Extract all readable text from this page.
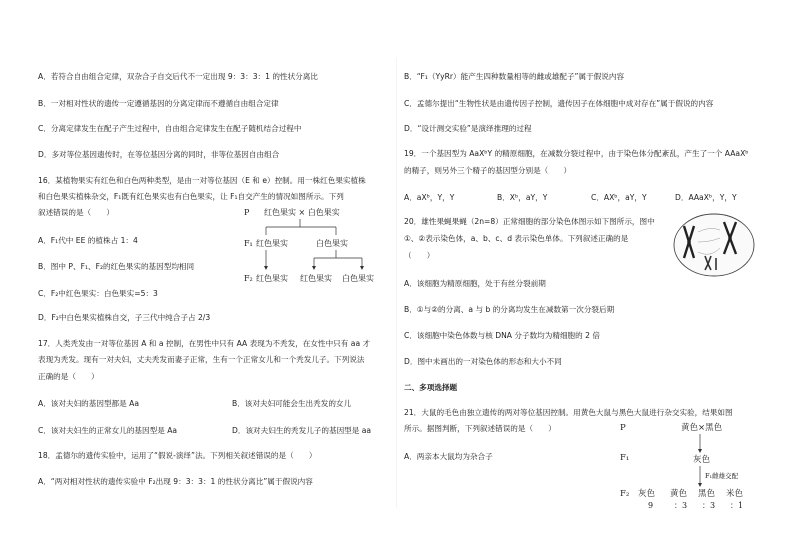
A．若符合自由组合定律，双杂合子自交后代不一定出现 9：3：3：1 的性状分离比
B．一对相对性状的遗传一定遵循基因的分离定律而不遵循自由组合定律
C．分离定律发生在配子产生过程中，自由组合定律发生在配子随机结合过程中
D．多对等位基因遗传时，在等位基因分离的同时，非等位基因自由组合
16．某植物果实有红色和白色两种类型，是由一对等位基因（E 和 e）控制。用一株红色果实植株
和白色果实植株杂交，F₁既有红色果实也有白色果实，让 F₁自交产生的情况如图所示。下列
叙述错误的是（　　）
A．F₁代中 EE 的植株占 1：4
B．图中 P、F₁、F₂的红色果实的基因型均相同
C．F₂中红色果实：白色果实=5：3
D．F₂中白色果实植株自交，子三代中纯合子占 2/3
17．人类秃发由一对等位基因 A 和 a 控制，在男性中只有 AA 表现为不秃发，在女性中只有 aa 才
表现为秃发。现有一对夫妇，丈夫秃发而妻子正常，生有一个正常女儿和一个秃发儿子。下列说法
正确的是（　　）
A．该对夫妇的基因型都是 Aa	B．该对夫妇可能会生出秃发的女儿
C．该对夫妇生的正常女儿的基因型是 Aa	D．该对夫妇生的秃发儿子的基因型是 aa
18．孟德尔的遗传实验中，运用了“假说-演绎”法。下列相关叙述错误的是（　　）
A．“两对相对性状的遗传实验中 F₂出现 9：3：3：1 的性状分离比”属于假说内容
P 红色果实 × 白色果实
F₁ 红色果实	白色果实
F₂ 红色果实 红色果实 白色果实
B．“F₁（YyRr）能产生四种数量相等的雌或雄配子”属于假说内容
C．孟德尔提出“生物性状是由遗传因子控制，遗传因子在体细胞中成对存在”属于假说的内容
D．“设计测交实验”是演绎推理的过程
19．一个基因型为 AaXᵇY 的精原细胞，在减数分裂过程中，由于染色体分配紊乱，产生了一个 AAaXᵇ
的精子，则另外三个精子的基因型分别是（　　）
A．aXᵇ，Y，Y	B．Xᵇ，aY，Y	C．AXᵇ，aY，Y	D．AAaXᵇ，Y，Y
20．雄性果蝇果蝇（2n=8）正常细胞的部分染色体图示如下图所示，图中
①、②表示染色体，a、b、c、d 表示染色单体。下列叙述正确的是
（　　）
A．该细胞为精原细胞，处于有丝分裂前期
B．①与②的分离、a 与 b 的分离均发生在减数第一次分裂后期
C．该细胞中染色体数与核 DNA 分子数均为精细胞的 2 倍
D．图中未画出的一对染色体的形态和大小不同
二、多项选择题
21．大鼠的毛色由独立遗传的两对等位基因控制。用黄色大鼠与黑色大鼠进行杂交实验，结果如图
所示。据图判断，下列叙述错误的是（　　）
A．两亲本大鼠均为杂合子
P	黄色×黑色
F₁	灰色
F₁雌雄交配
F₂ 灰色 黄色 黑色 米色
9	：3 ：3 ：1
